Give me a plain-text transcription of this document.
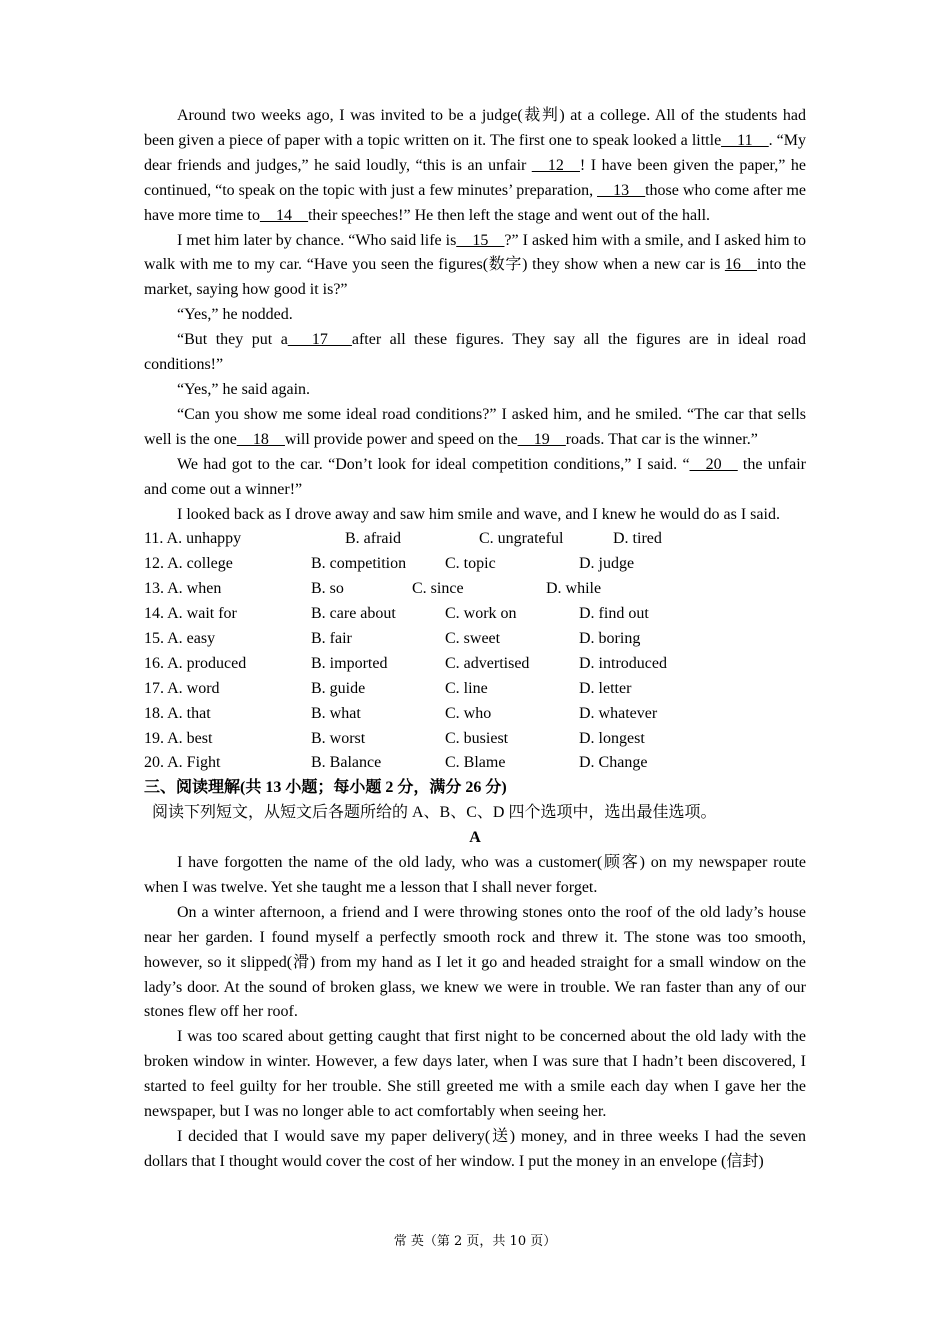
Around two weeks ago, I was invited to be a judge(裁判) at a college. All of the students had been given a piece of paper with a topic written on it. The first one to speak looked a little__11__. “My dear friends and judges,” he said loudly, “this is an unfair __12__! I have been given the paper,” he continued, “to speak on the topic with just a few minutes’ preparation, __13__those who come after me have more time to__14__their speeches!” He then left the stage and went out of the hall.

I met him later by chance. “Who said life is__15__?” I asked him with a smile, and I asked him to walk with me to my car. “Have you seen the figures(数字) they show when a new car is 16__into the market, saying how good it is?”

“Yes,” he nodded.

“But they put a___17___after all these figures. They say all the figures are in ideal road conditions!”

“Yes,” he said again.

“Can you show me some ideal road conditions?” I asked him, and he smiled. “The car that sells well is the one__18__will provide power and speed on the__19__roads. That car is the winner.”

We had got to the car. “Don’t look for ideal competition conditions,” I said. “__20__ the unfair and come out a winner!”

I looked back as I drove away and saw him smile and wave, and I knew he would do as I said.

11. A. unhappy	B. afraid	C. ungrateful	D. tired
12. A. college	B. competition	C. topic	D. judge
13. A. when	B. so	C. since	D. while
14. A. wait for	B. care about	C. work on	D. find out
15. A. easy	B. fair	C. sweet	D. boring
16. A. produced	B. imported	C. advertised	D. introduced
17. A. word	B. guide	C. line	D. letter
18. A. that	B. what	C. who	D. whatever
19. A. best	B. worst	C. busiest	D. longest
20. A. Fight	B. Balance	C. Blame	D. Change
三、阅读理解(共 13 小题；每小题 2 分，满分 26 分)
阅读下列短文，从短文后各题所给的 A、B、C、D 四个选项中，选出最佳选项。
A

I have forgotten the name of the old lady, who was a customer(顾客) on my newspaper route when I was twelve. Yet she taught me a lesson that I shall never forget.

On a winter afternoon, a friend and I were throwing stones onto the roof of the old lady’s house near her garden. I found myself a perfectly smooth rock and threw it. The stone was too smooth, however, so it slipped(滑) from my hand as I let it go and headed straight for a small window on the lady’s door. At the sound of broken glass, we knew we were in trouble. We ran faster than any of our stones flew off her roof.

I was too scared about getting caught that first night to be concerned about the old lady with the broken window in winter. However, a few days later, when I was sure that I hadn’t been discovered, I started to feel guilty for her trouble. She still greeted me with a smile each day when I gave her the newspaper, but I was no longer able to act comfortably when seeing her.

I decided that I would save my paper delivery(送) money, and in three weeks I had the seven dollars that I thought would cover the cost of her window. I put the money in an envelope (信封)

常 英（第 2 页，共 10 页）
